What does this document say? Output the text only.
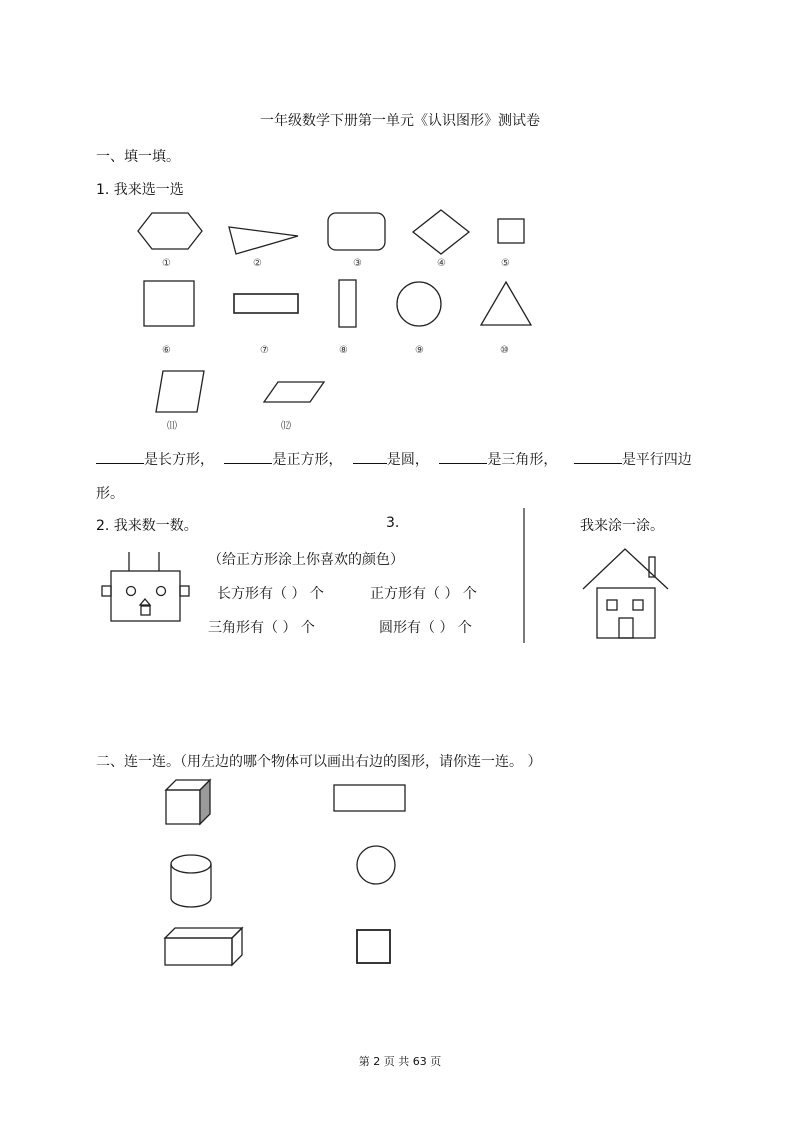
一年级数学下册第一单元《认识图形》测试卷
一、填一填。
1. 我来选一选
①	②	③	④	⑤
⑥	⑦	⑧	⑨	⑩
⑾	⑿
是长方形，	是正方形，	是圆，	是三角形，	是平行四边
形。
2. 我来数一数。	3.	我来涂一涂。
（给正方形涂上你喜欢的颜色）
长方形有（ ） 个	正方形有（ ） 个
三角形有（ ） 个	圆形有（ ） 个
二、连一连。（用左边的哪个物体可以画出右边的图形，请你连一连。 ）
第 2 页 共 63 页
